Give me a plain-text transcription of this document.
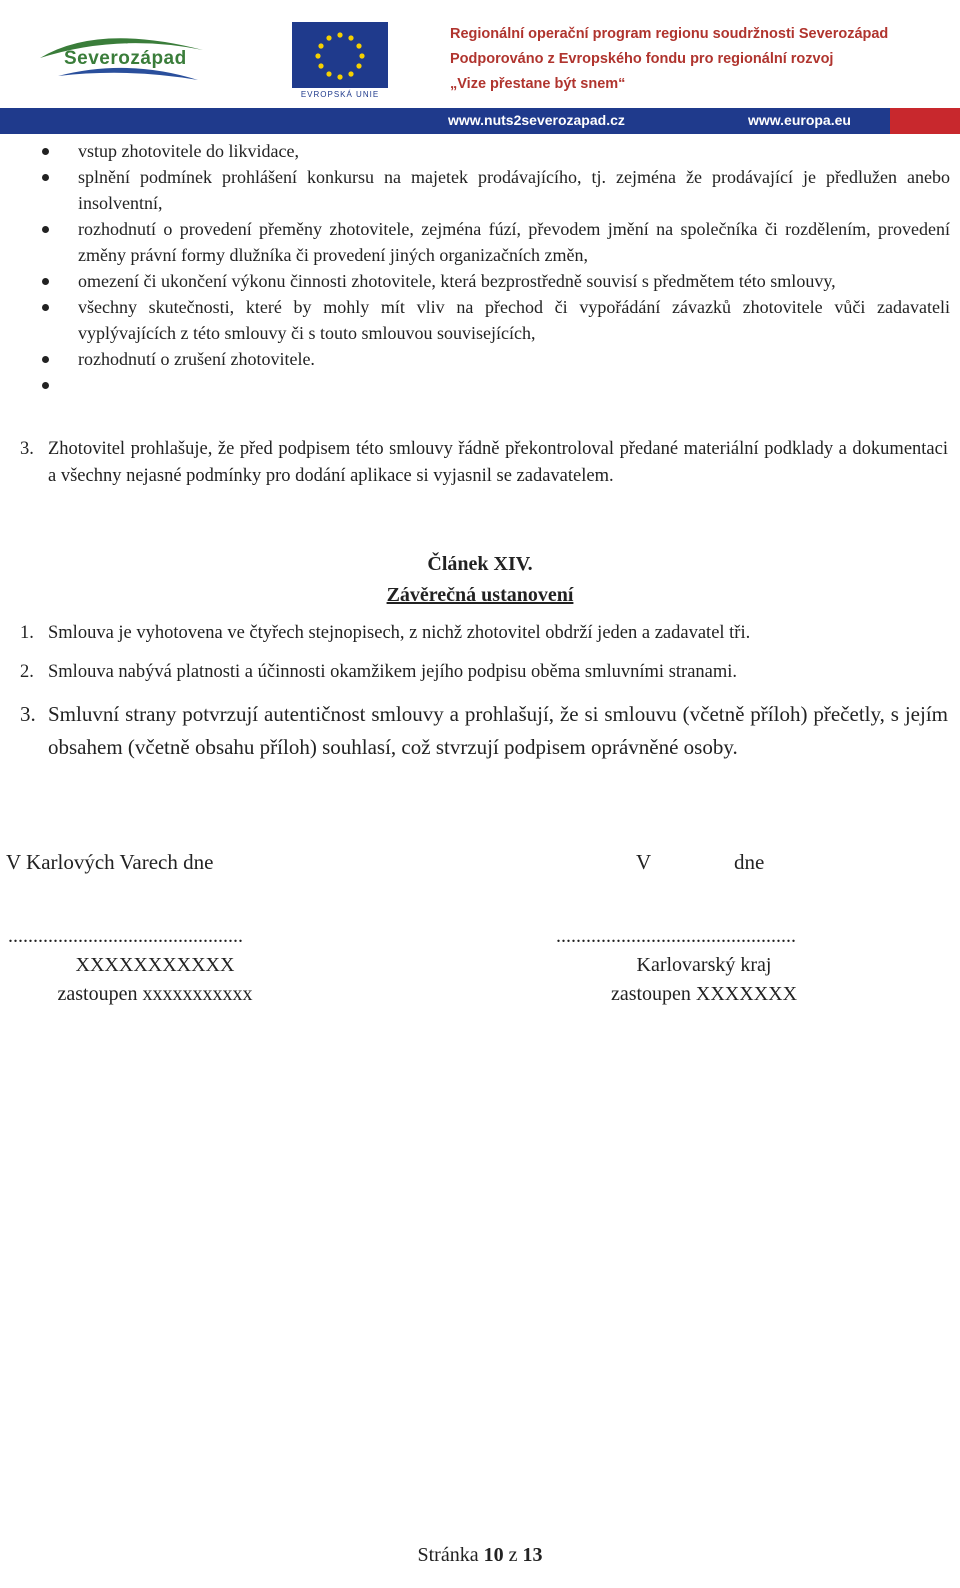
Severozápad
EVROPSKÁ UNIE
Regionální operační program regionu soudržnosti Severozápad
Podporováno z Evropského fondu pro regionální rozvoj
„Vize přestane být snem“
www.nuts2severozapad.cz	www.europa.eu
vstup zhotovitele do likvidace,
splnění podmínek prohlášení konkursu na majetek prodávajícího, tj. zejména že prodávající je předlužen anebo insolventní,
rozhodnutí o provedení přeměny zhotovitele, zejména fúzí, převodem jmění na společníka či rozdělením, provedení změny právní formy dlužníka či provedení jiných organizačních změn,
omezení či ukončení výkonu činnosti zhotovitele, která bezprostředně souvisí s předmětem této smlouvy,
všechny skutečnosti, které by mohly mít vliv na přechod či vypořádání závazků zhotovitele vůči zadavateli vyplývajících z této smlouvy či s touto smlouvou souvisejících,
rozhodnutí o zrušení zhotovitele.
3. Zhotovitel prohlašuje, že před podpisem této smlouvy řádně překontroloval předané materiální podklady a dokumentaci a všechny nejasné podmínky pro dodání aplikace si vyjasnil se zadavatelem.
Článek XIV.
Závěrečná ustanovení
1. Smlouva je vyhotovena ve čtyřech stejnopisech, z nichž zhotovitel obdrží jeden a zadavatel tři.
2. Smlouva nabývá platnosti a účinnosti okamžikem jejího podpisu oběma smluvními stranami.
3. Smluvní strany potvrzují autentičnost smlouvy a prohlašují, že si smlouvu (včetně příloh) přečetly, s jejím obsahem (včetně obsahu příloh) souhlasí, což stvrzují podpisem oprávněné osoby.
V Karlových Varech dne	V	dne
...............................................
XXXXXXXXXXX
zastoupen xxxxxxxxxxx
................................................
Karlovarský kraj
zastoupen XXXXXXX
Stránka 10 z 13
